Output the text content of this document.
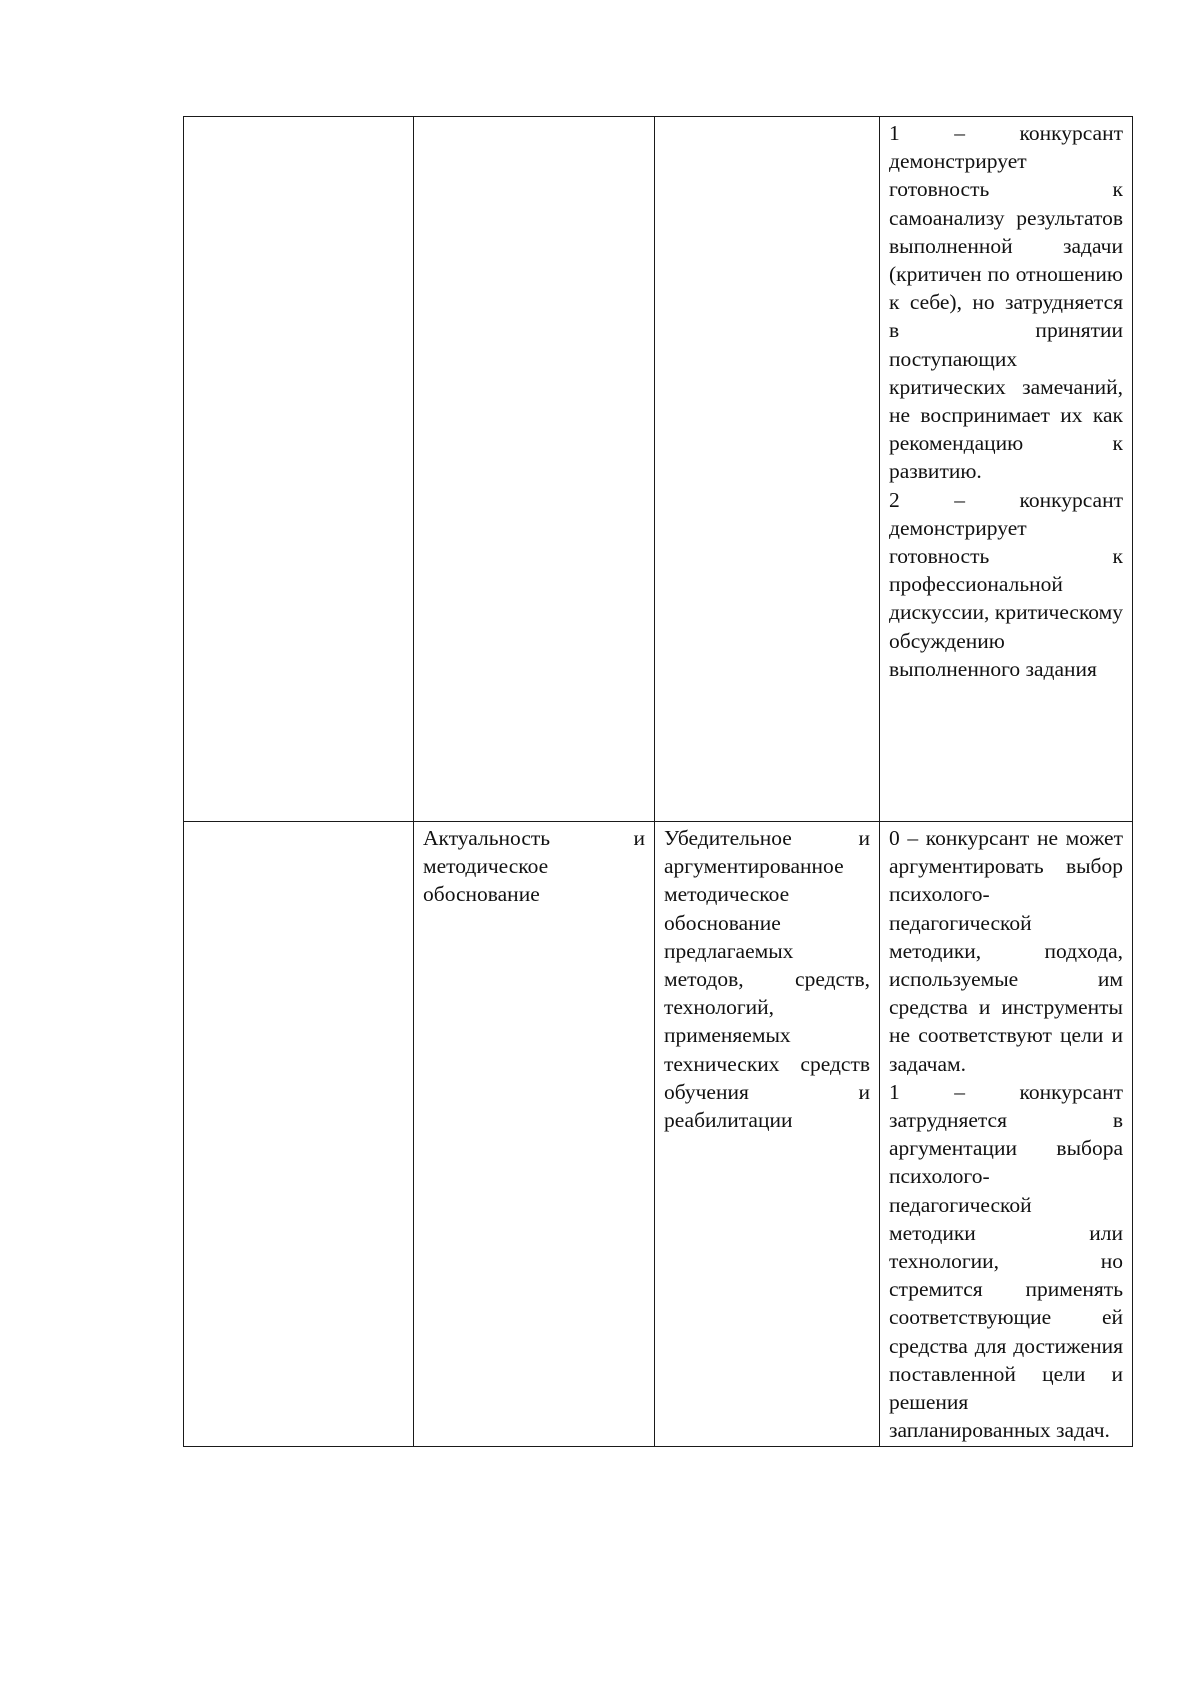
			1 – конкурсант демонстрирует готовность к самоанализу результатов выполненной задачи (критичен по отношению к себе), но затрудняется в принятии поступающих критических замечаний, не воспринимает их как рекомендацию к развитию.
2 – конкурсант демонстрирует готовность к профессиональной дискуссии, критическому обсуждению выполненного задания

	Актуальность и методическое обоснование	Убедительное и аргументированное методическое обоснование предлагаемых методов, средств, технологий, применяемых технических средств обучения и реабилитации	0 – конкурсант не может аргументировать выбор психолого-педагогической методики, подхода, используемые им средства и инструменты не соответствуют цели и задачам.
1 – конкурсант затрудняется в аргументации выбора психолого-педагогической методики или технологии, но стремится применять соответствующие ей средства для достижения поставленной цели и решения запланированных задач.
